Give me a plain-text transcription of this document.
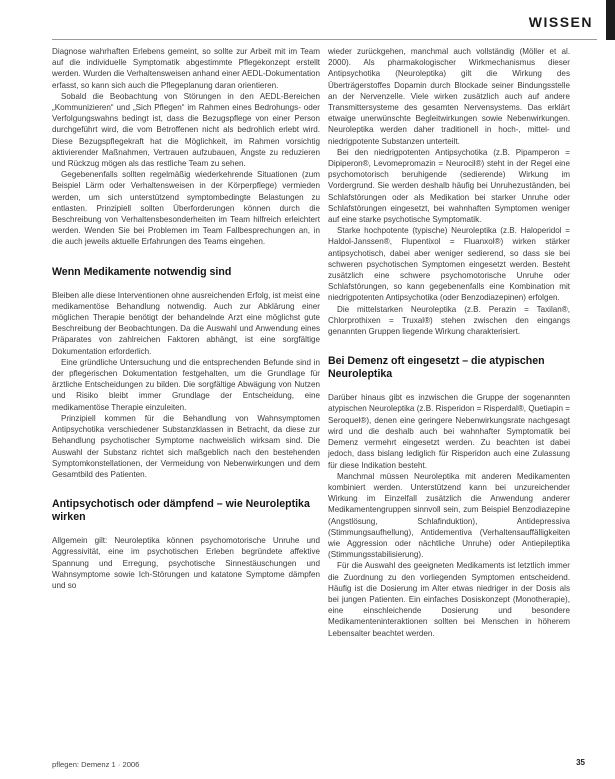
WISSEN

Diagnose wahrhaften Erlebens gemeint, so sollte zur Arbeit mit im Team auf die individuelle Symptomatik abgestimmte Pflegekonzept erstellt werden. Wurden die Verhaltensweisen anhand einer AEDL-Dokumentation erfasst, so kann sich auch die Pflegeplanung daran orientieren.

Sobald die Beobachtung von Störungen in den AEDL-Bereichen „Kommunizieren“ und „Sich Pflegen“ im Rahmen eines Bedrohungs- oder Verfolgungswahns bedingt ist, dass die Bezugspflege von einer Person durchgeführt wird, die vom Betroffenen nicht als bedrohlich erlebt wird. Diese Bezugspflegekraft hat die Möglichkeit, im Rahmen vorsichtig aktivierender Maßnahmen, Vertrauen aufzubauen, Ängste zu reduzieren und Rückzug mögen als das restliche Team zu sehen.

Gegebenenfalls sollten regelmäßig wiederkehrende Situationen (zum Beispiel Lärm oder Verhaltensweisen in der Körperpflege) vermieden werden, um sich unterstützend symptombedingte Belastungen zu entlasten. Prinzipiell sollten Überforderungen können durch die Beschreibung von Verhaltensbesonderheiten im Team hilfreich erleichtert werden. Wenden Sie bei Problemen im Team Fallbesprechungen an, in die auch jeweils aktuelle Erfahrungen des Teams eingehen.

Wenn Medikamente notwendig sind

Bleiben alle diese Interventionen ohne ausreichenden Erfolg, ist meist eine medikamentöse Behandlung notwendig. Auch zur Abklärung einer möglichen Therapie benötigt der behandelnde Arzt eine möglichst gute Beschreibung der Beobachtungen. Da die Auswahl und Anwendung eines Präparates von zahlreichen Faktoren abhängt, ist eine sorgfältige Dokumentation erforderlich.

Eine gründliche Untersuchung und die entsprechenden Befunde sind in der pflegerischen Dokumentation festgehalten, um die Grundlage für ärztliche Entscheidungen zu bilden. Die sorgfältige Abwägung von Nutzen und Risiko bleibt immer Grundlage der Entscheidung, eine medikamentöse Therapie einzuleiten.

Prinzipiell kommen für die Behandlung von Wahnsymptomen Antipsychotika verschiedener Substanzklassen in Betracht, da diese zur Behandlung psychotischer Symptome nachweislich wirksam sind. Die Auswahl der Substanz richtet sich maßgeblich nach den bestehenden Symptomkonstellationen, der Vermeidung von Nebenwirkungen und dem Gesamtbild des Patienten.

Antipsychotisch oder dämpfend – wie Neuroleptika wirken

Allgemein gilt: Neuroleptika können psychomotorische Unruhe und Aggressivität, eine im psychotischen Erleben begründete affektive Spannung und Erregung, psychotische Sinnestäuschungen und Wahnsymptome sowie Ich-Störungen und katatone Symptome dämpfen und so

wieder zurückgehen, manchmal auch vollständig (Möller et al. 2000). Als pharmakologischer Wirkmechanismus dieser Antipsychotika (Neuroleptika) gilt die Wirkung des Überträgerstoffes Dopamin durch Blockade seiner Bindungsstelle an der Nervenzelle. Viele wirken zusätzlich auch auf andere Transmittersysteme des gesamten Nervensystems. Das erklärt etwaige unerwünschte Begleitwirkungen sowie Nebenwirkungen. Neuroleptika werden daher traditionell in hoch-, mittel- und niedrigpotente Substanzen unterteilt.

Bei den niedrigpotenten Antipsychotika (z.B. Pipamperon = Dipiperon®, Levomepromazin = Neurocil®) steht in der Regel eine psychomotorisch beruhigende (sedierende) Wirkung im Vordergrund. Sie werden deshalb häufig bei Unruhezuständen, bei Schlafstörungen oder als Medikation bei starker Unruhe oder Schlafstörungen eingesetzt, bei wahnhaften Symptomen weniger auf eine starke psychotische Symptomatik.

Starke hochpotente (typische) Neuroleptika (z.B. Haloperidol = Haldol-Janssen®, Flupentixol = Fluanxol®) wirken stärker antipsychotisch, dabei aber weniger sedierend, so dass sie bei schweren psychotischen Symptomen eingesetzt werden. Besteht zusätzlich eine schwere psychomotorische Unruhe oder Schlafstörungen, so kann gegebenenfalls eine Kombination mit niedrigpotenten Antipsychotika (oder Benzodiazepinen) erfolgen.

Die mittelstarken Neuroleptika (z.B. Perazin = Taxilan®, Chlorprothixen = Truxal®) stehen zwischen den eingangs genannten Gruppen liegende Wirkung charakterisiert.

Bei Demenz oft eingesetzt – die atypischen Neuroleptika

Darüber hinaus gibt es inzwischen die Gruppe der sogenannten atypischen Neuroleptika (z.B. Risperidon = Risperdal®, Quetiapin = Seroquel®), denen eine geringere Nebenwirkungsrate nachgesagt wird und die deshalb auch bei wahnhafter Symptomatik bei Demenz vermehrt eingesetzt werden. Zu beachten ist dabei jedoch, dass bislang lediglich für Risperidon auch eine Zulassung für diese Indikation besteht.

Manchmal müssen Neuroleptika mit anderen Medikamenten kombiniert werden. Unterstützend kann bei unzureichender Wirkung im Einzelfall zusätzlich die Anwendung anderer Medikamentengruppen sinnvoll sein, zum Beispiel Benzodiazepine (Angstlösung, Schlafinduktion), Antidepressiva (Stimmungsaufhellung), Antidementiva (Verhaltensauffälligkeiten wie Aggression oder nächtliche Unruhe) oder Antiepileptika (Stimmungsstabilisierung).

Für die Auswahl des geeigneten Medikaments ist letztlich immer die Zuordnung zu den vorliegenden Symptomen entscheidend. Häufig ist die Dosierung im Alter etwas niedriger in der Dosis als bei jungen Patienten. Ein einfaches Dosiskonzept (Monotherapie), eine einschleichende Dosierung und besondere Medikamenteninteraktionen sollten bei Menschen in höherem Lebensalter beachtet werden.

pflegen: Demenz 1 · 2006	35
